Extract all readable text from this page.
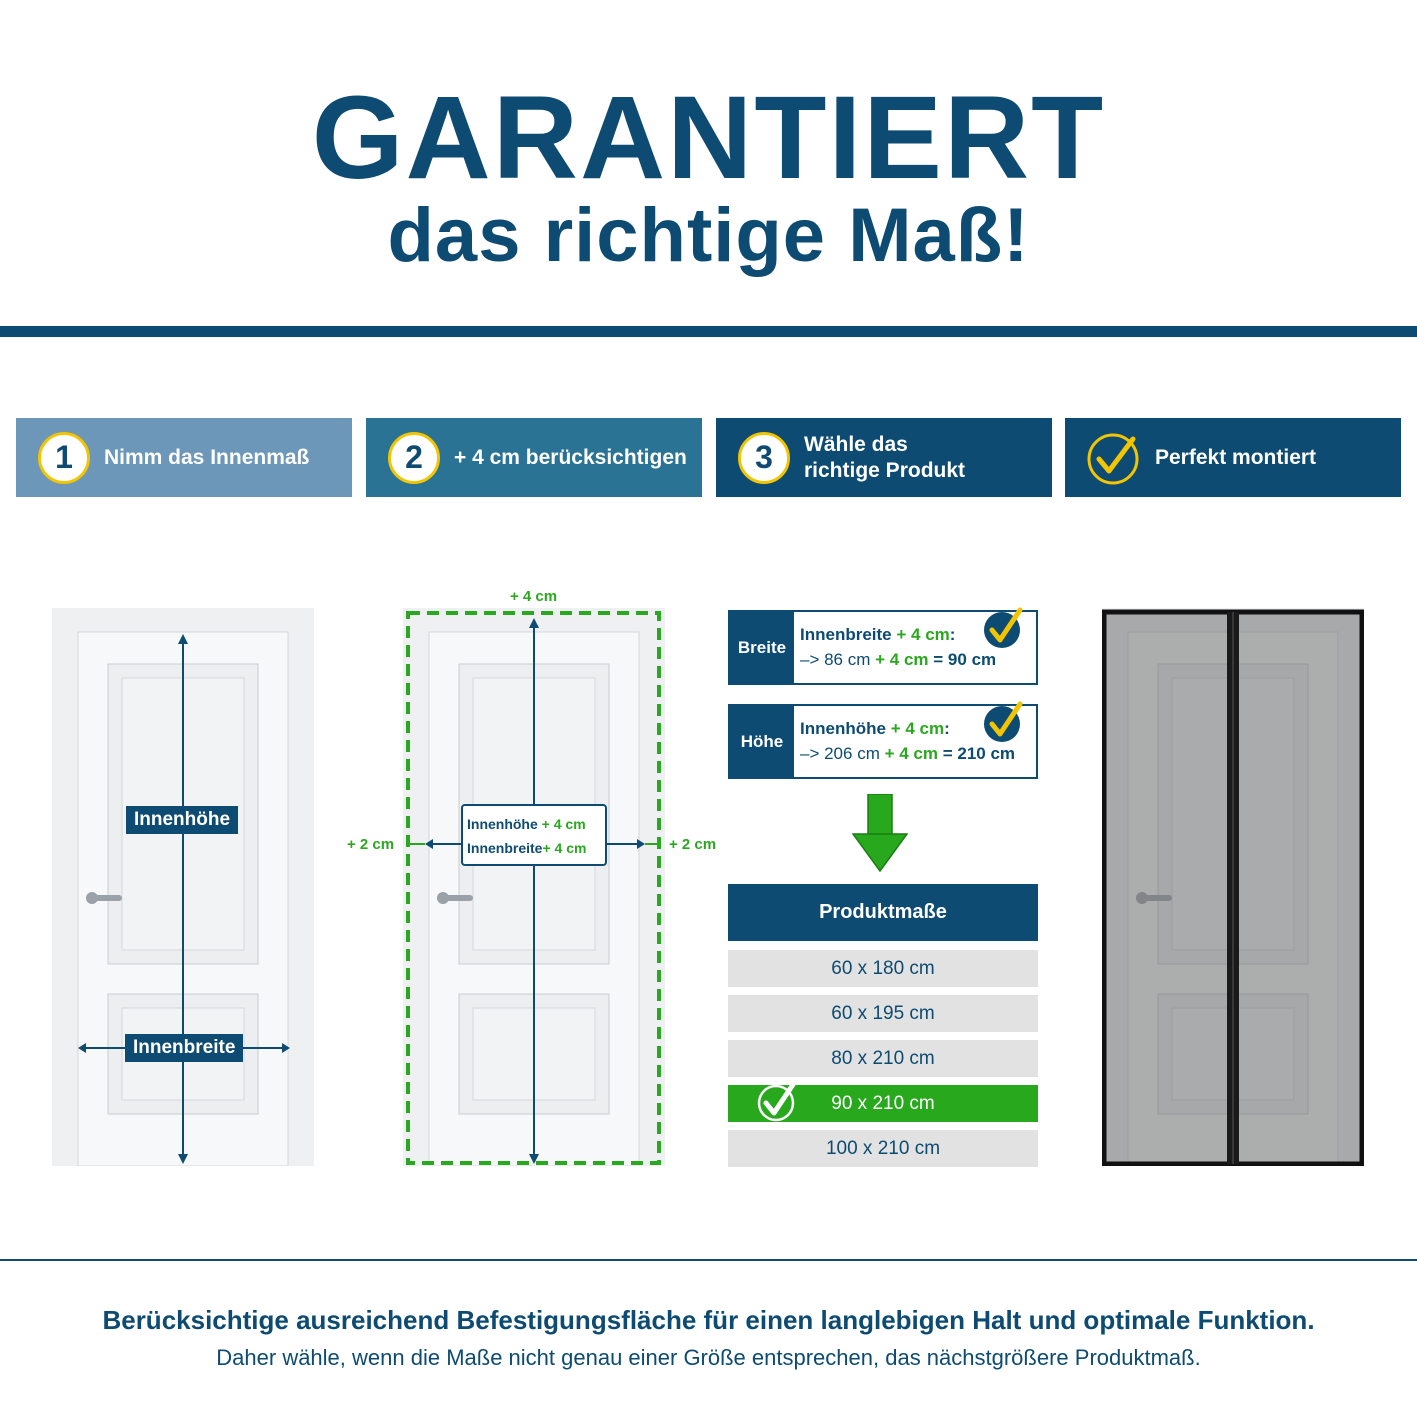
GARANTIERT
das richtige Maß!
1	Nimm das Innenmaß	2	+ 4 cm berücksichtigen	3	Wähle das
richtige Produkt
Perfekt montiert
Innenhöhe
Innenbreite
+ 4 cm
+ 2 cm	+ 2 cm
Innenhöhe + 4 cm
Innenbreite+ 4 cm
Breite
Innenbreite + 4 cm:
–> 86 cm + 4 cm = 90 cm
Höhe
Innenhöhe + 4 cm:
–> 206 cm + 4 cm = 210 cm
Produktmaße
60 x 180 cm
60 x 195 cm
80 x 210 cm
90 x 210 cm
100 x 210 cm
Berücksichtige ausreichend Befestigungsfläche für einen langlebigen Halt und optimale Funktion.
Daher wähle, wenn die Maße nicht genau einer Größe entsprechen, das nächstgrößere Produktmaß.
